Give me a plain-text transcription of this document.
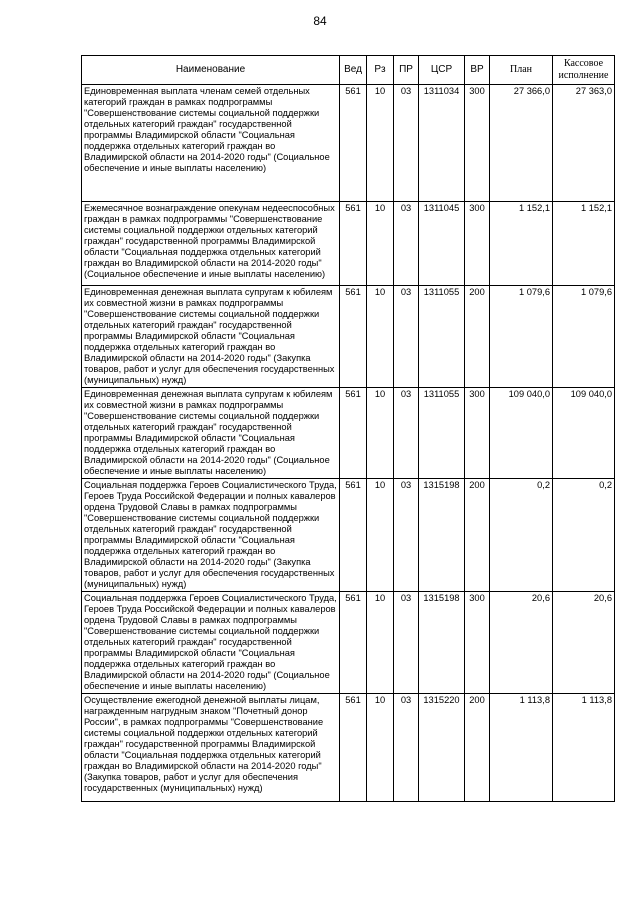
84
Наименование	Вед	Рз	ПР	ЦСР	ВР	План	Кассовое исполнение
Единовременная выплата членам семей отдельных категорий граждан в рамках подпрограммы "Совершенствование системы социальной поддержки отдельных категорий граждан" государственной программы Владимирской области "Социальная поддержка отдельных категорий граждан во Владимирской области на 2014-2020 годы" (Социальное обеспечение и иные выплаты населению)	561	10	03	1311034	300	27 366,0	27 363,0
Ежемесячное вознаграждение опекунам недееспособных граждан в рамках подпрограммы "Совершенствование системы социальной поддержки отдельных категорий граждан" государственной программы Владимирской области "Социальная поддержка отдельных категорий граждан во Владимирской области на 2014-2020 годы" (Социальное обеспечение и иные выплаты населению)	561	10	03	1311045	300	1 152,1	1 152,1
Единовременная денежная выплата супругам к юбилеям их совместной жизни в рамках подпрограммы "Совершенствование системы социальной поддержки отдельных категорий граждан" государственной программы Владимирской области "Социальная поддержка отдельных категорий граждан во Владимирской области на 2014-2020 годы" (Закупка товаров, работ и услуг для обеспечения государственных (муниципальных) нужд)	561	10	03	1311055	200	1 079,6	1 079,6
Единовременная денежная выплата супругам к юбилеям их совместной жизни в рамках подпрограммы "Совершенствование системы социальной поддержки отдельных категорий граждан" государственной программы Владимирской области "Социальная поддержка отдельных категорий граждан во Владимирской области на 2014-2020 годы" (Социальное обеспечение и иные выплаты населению)	561	10	03	1311055	300	109 040,0	109 040,0
Социальная поддержка Героев Социалистического Труда, Героев Труда Российской Федерации и полных кавалеров ордена Трудовой Славы в рамках подпрограммы "Совершенствование системы социальной поддержки отдельных категорий граждан" государственной программы Владимирской области "Социальная поддержка отдельных категорий граждан во Владимирской области на 2014-2020 годы" (Закупка товаров, работ и услуг для обеспечения государственных (муниципальных) нужд)	561	10	03	1315198	200	0,2	0,2
Социальная поддержка Героев Социалистического Труда, Героев Труда Российской Федерации и полных кавалеров ордена Трудовой Славы в рамках подпрограммы "Совершенствование системы социальной поддержки отдельных категорий граждан" государственной программы Владимирской области "Социальная поддержка отдельных категорий граждан во Владимирской области на 2014-2020 годы" (Социальное обеспечение и иные выплаты населению)	561	10	03	1315198	300	20,6	20,6
Осуществление ежегодной денежной выплаты лицам, награжденным нагрудным знаком "Почетный донор России", в рамках подпрограммы "Совершенствование системы социальной поддержки отдельных категорий граждан" государственной программы Владимирской области "Социальная поддержка отдельных категорий граждан во Владимирской области на 2014-2020 годы" (Закупка товаров, работ и услуг для обеспечения государственных (муниципальных) нужд)	561	10	03	1315220	200	1 113,8	1 113,8
